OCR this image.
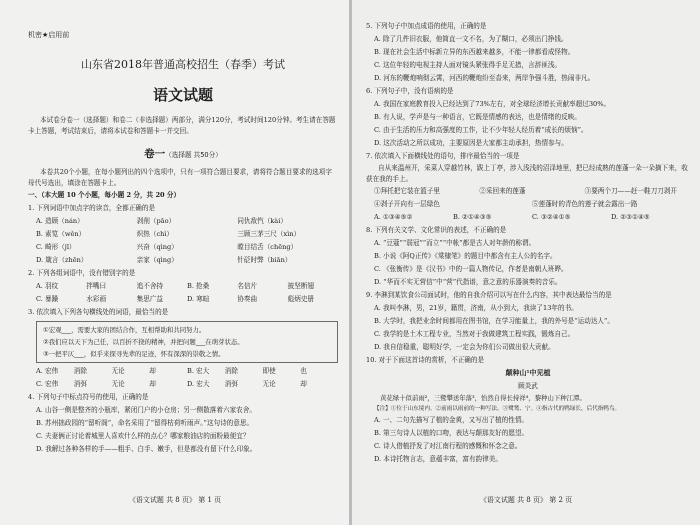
机密★启用前
山东省2018年普通高校招生（春季）考试
语文试题
本试卷分卷一（选择题）和卷二（非选择题）两部分，满分120分，考试时间120分钟。考生请在答题卡上答题，考试结束后，请将本试卷和答题卡一并交回。
卷一（选择题 共50分）
本卷共20个小题，在每小题列出的四个选项中，只有一项符合题目要求，请将符合题目要求的选项字母代号选出，填涂在答题卡上。
一、（本大题 10 个小题，每小题 2 分，共 20 分）
1. 下列词语中加点字的读音，全都正确的是
A. 造顾（nán）	剥削（pāo）	同仇敌忾（kài）
B. 素笕（wěn）	炽热（chì）	三顾三茅三尺（xìn）
C. 畸形（jī）	兴奋（qìng）	瞠目结舌（chēng）
D. 箴言（zhēn）	亲家（qìng）	针砭时弊（biān）
2. 下列各组词语中，没有错别字的是
A. 羽纹	拌嘴曰	追不舍持	B. 抢桑	名信片	披坚断翅
C. 暴躁	水彩画	集思广益	D. 寒暄	协奏曲	彪炳史册
3. 依次填入下列各句横线处的词语，最恰当的是
①宏观___，需要大家的团结合作，互相帮助和共同努力。
②我们应以天下为己任，以百折不挠的精神，并把问题___在萌芽状态。
③一把平仄___，似乎来探寻先辈的足迹，怀有深深的崇敬之情。
A. 宏伟	消除	无论	却	B. 宏大	消除	即使	也
C. 宏伟	消弭	无论	却	D. 宏大	消弭	无论	却
4. 下列句子中标点符号的使用，正确的是
A. 山谷一侧是整齐的小瓶库，紧闭门户的小仓房；另一侧散落着六家农舍。
B. 苏州拙政园的“留听阁”，命名采用了“留得枯荷听雨声。”这句诗的意思。
C. 夫妻俩正讨论着城里人喜欢什么样的点心？哪家粮油店的面粉最便宜？
D. 我解过各种各样的手——粗手、白手、嫩手，但是都没有留下什么印象。
《语文试题 共 8 页》 第 1 页
5. 下列句子中加点成语的使用，正确的是
A. 除了几件旧衣服，他简直一文不名，为了糊口，必须出门挣钱。
B. 现在社会生活中标新立异的东西越来越多，不能一律都看成怪物。
C. 这位年轻的电视主持人面对镜头紧张得手足无措，言辞匪浅。
D. 河东的鞭炮响彻云霄，河西的鞭炮纷至沓来，两岸争强斗胜，热闹非凡。
6. 下列句子中，没有语病的是
A. 我国在家庭教育投入已经达到了73%左右，对全球经济增长贡献率超过30%。
B. 有人说，学声是与一种语言，它既是情感的表达，也是情绪的反映。
C. 由于生活的压力和高强度的工作，让不少年轻人经历着“成长的烦恼”。
D. 这次活动之所以成功，主要原因是大家都主动承担，热情参与。
7. 依次填入下面横线处的语句，排序最恰当的一项是
自从来温州开，采菜人穿越竹林，跋上丁亭，涉入浅浅的沼泽地里，把已经成熟的莲蓬一朵一朵摘下来，收获在我的手上。
①拜托把它装在篮子里	②采回来的莲蓬	③要两个刀——赶一鞋刀刀剥开
④剥子开向有一层绿色	⑤莲蓬时的青色的莲子就会露出一路
A. ①③④⑤②	B. ②①④③⑤	C. ③②④①⑤	D. ②③①④⑤
8. 下列有关文学、文化常识的表述，不正确的是
A. “豆蔻”“弱冠”“而立”“中帐”都是古人对年龄的称谓。
B. 小说《阿Q正传》《棠棣笔》的题目中都含有主人公的名字。
C. 《张衡传》是《汉书》中的一篇人物传记，作者是南朝人班晔。
D. “华而不实无营信”中“营”代指谱，意之意的乐器演奏的音乐。
9. 李淋到某饮食公司面试时，他的自我介绍可以写在什么内容，其中表达最恰当的是
A. 我叫李淋，男，21岁，籍贯，济南，从小到大，我读了13年的书。
B. 大学时，我把业余时间都用在图书馆，在学习能量上，我的外号是“运动达人”。
C. 我学的是土木工程专业，当然对于我做建筑工程实践，锻炼自己。
D. 我自信稳重，聪明好学，一定会为你们公司做出很大贡献。
10. 对于下面这首诗的赏析，不正确的是
颠种山¹中见植
顾炎武
黄花绿十似前雨²，三鹭攀送年落³，怡然自得长持祥⁴，黎种山下种江潭。
【注】①位于山东境内。②前雨以雨前的一种写法。③鹭鸶、宁。④指古代的鸭绿长，后代指鸭鸟。
A. 一、二句先描写了植的金黄，又写出了植的性情。
B. 第三句诗人以植的口吻，表达与颠那友好的愿望。
C. 诗人借植抒发了对江南行程的感慨和怀念之意。
D. 本诗托物言志，意蕴丰富，富有韵律美。
《语文试题 共 8 页》 第 2 页
